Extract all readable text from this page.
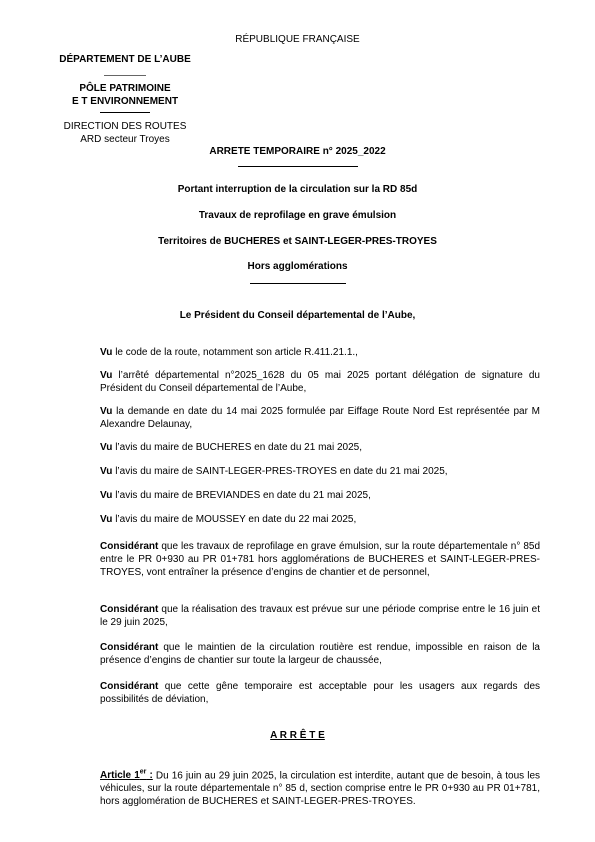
RÉPUBLIQUE FRANÇAISE
DÉPARTEMENT DE L’AUBE
PÔLE PATRIMOINE
E T ENVIRONNEMENT
DIRECTION DES ROUTES
ARD secteur Troyes
ARRETE TEMPORAIRE n° 2025_2022
Portant interruption de la circulation sur la RD 85d
Travaux de reprofilage en grave émulsion
Territoires de BUCHERES et SAINT-LEGER-PRES-TROYES
Hors agglomérations
Le Président du Conseil départemental de l’Aube,
Vu le code de la route, notamment son article R.411.21.1.,
Vu l’arrêté départemental n°2025_1628 du 05 mai 2025 portant délégation de signature du Président du Conseil départemental de l’Aube,
Vu la demande en date du 14 mai 2025 formulée par Eiffage Route Nord Est représentée par M Alexandre Delaunay,
Vu l’avis du maire de BUCHERES en date du 21 mai 2025,
Vu l’avis du maire de SAINT-LEGER-PRES-TROYES en date du 21 mai 2025,
Vu l’avis du maire de BREVIANDES en date du 21 mai 2025,
Vu l’avis du maire de MOUSSEY en date du 22 mai 2025,
Considérant que les travaux de reprofilage en grave émulsion, sur la route départementale n° 85d entre le PR 0+930 au PR 01+781 hors agglomérations de BUCHERES et SAINT-LEGER-PRES-TROYES, vont entraîner la présence d’engins de chantier et de personnel,
Considérant que la réalisation des travaux est prévue sur une période comprise entre le 16 juin et le 29 juin 2025,
Considérant que le maintien de la circulation routière est rendue, impossible en raison de la présence d’engins de chantier sur toute la largeur de chaussée,
Considérant que cette gêne temporaire est acceptable pour les usagers aux regards des possibilités de déviation,
A R R Ê T E
Article 1er : Du 16 juin au 29 juin 2025, la circulation est interdite, autant que de besoin, à tous les véhicules, sur la route départementale n° 85 d, section comprise entre le PR 0+930 au PR 01+781, hors agglomération de BUCHERES et SAINT-LEGER-PRES-TROYES.
